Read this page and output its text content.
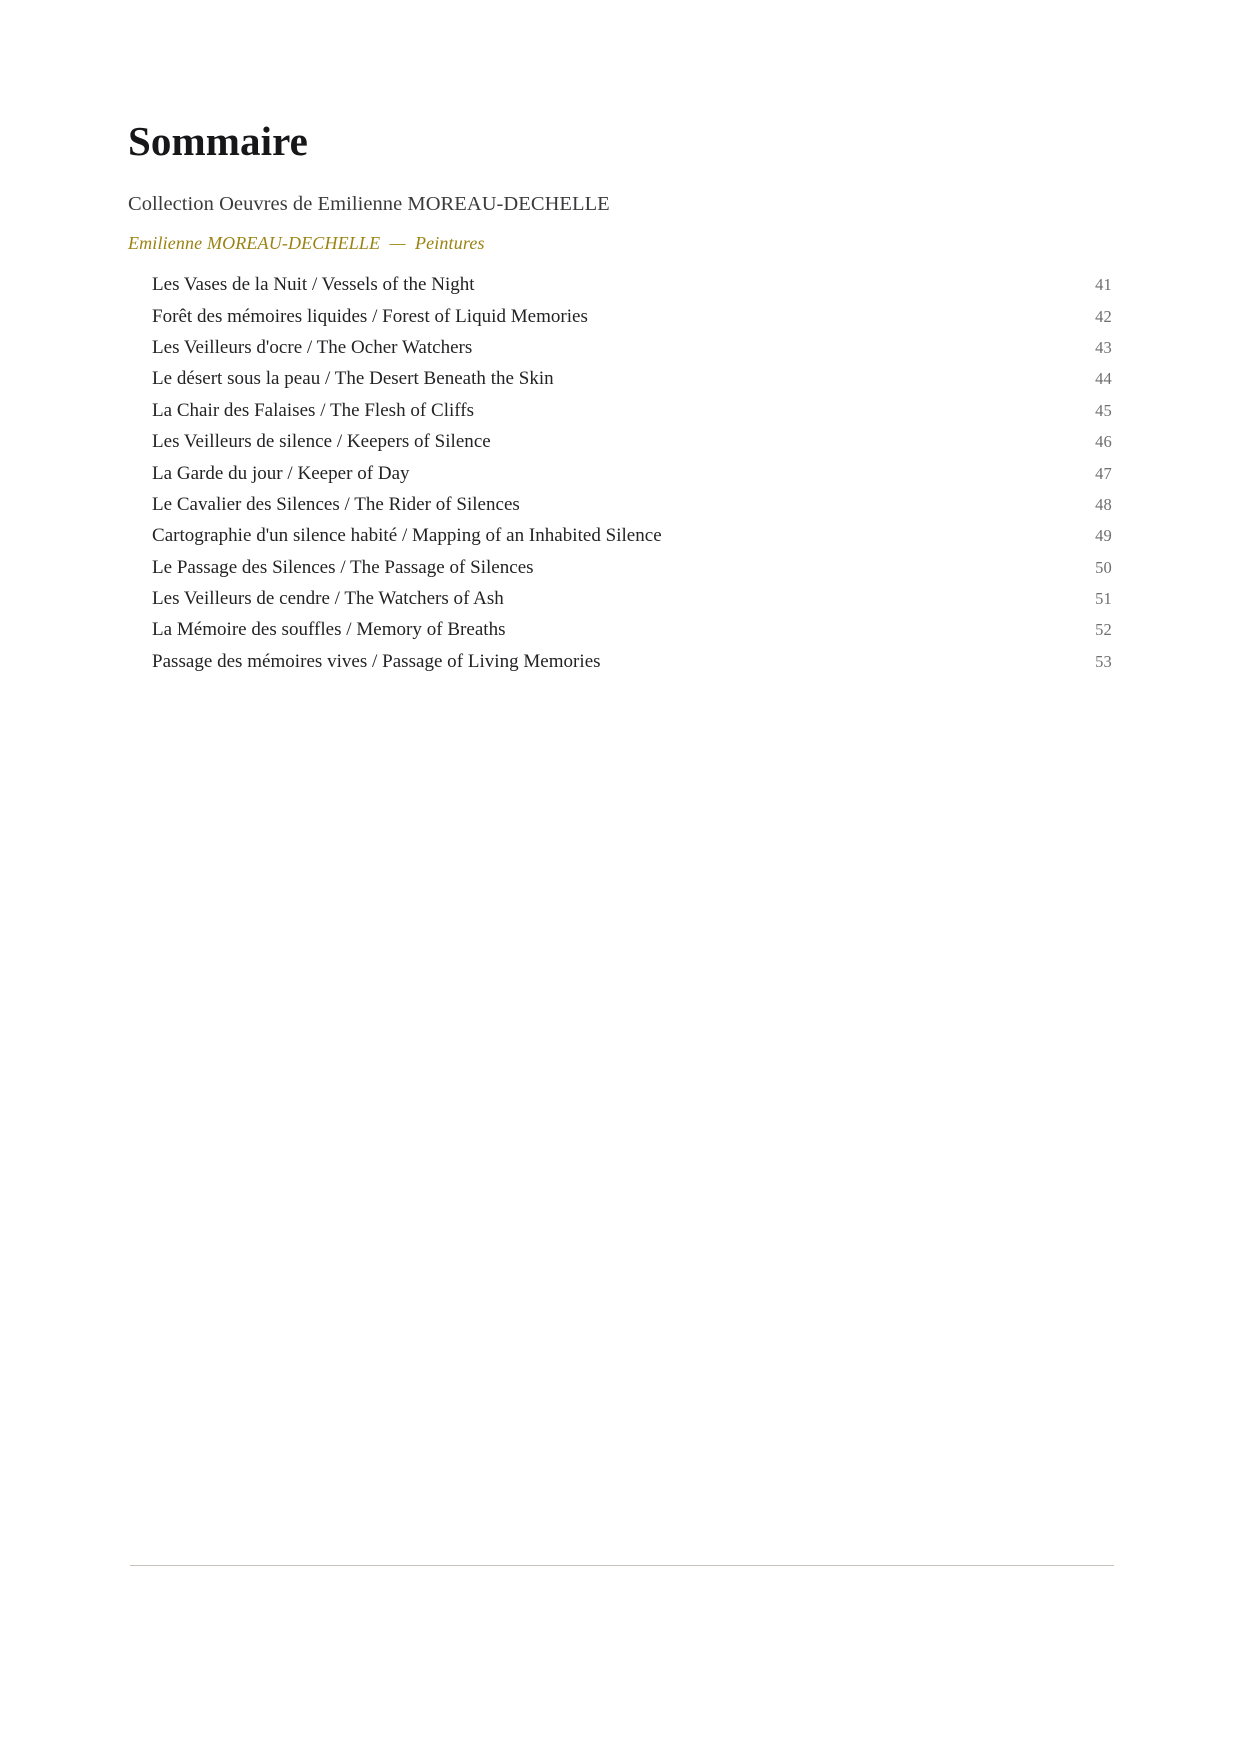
Sommaire
Collection Oeuvres de Emilienne MOREAU-DECHELLE
Emilienne MOREAU-DECHELLE  —  Peintures
Les Vases de la Nuit / Vessels of the Night	41
Forêt des mémoires liquides / Forest of Liquid Memories	42
Les Veilleurs d'ocre / The Ocher Watchers	43
Le désert sous la peau / The Desert Beneath the Skin	44
La Chair des Falaises / The Flesh of Cliffs	45
Les Veilleurs de silence / Keepers of Silence	46
La Garde du jour / Keeper of Day	47
Le Cavalier des Silences / The Rider of Silences	48
Cartographie d'un silence habité / Mapping of an Inhabited Silence	49
Le Passage des Silences / The Passage of Silences	50
Les Veilleurs de cendre / The Watchers of Ash	51
La Mémoire des souffles / Memory of Breaths	52
Passage des mémoires vives / Passage of Living Memories	53
